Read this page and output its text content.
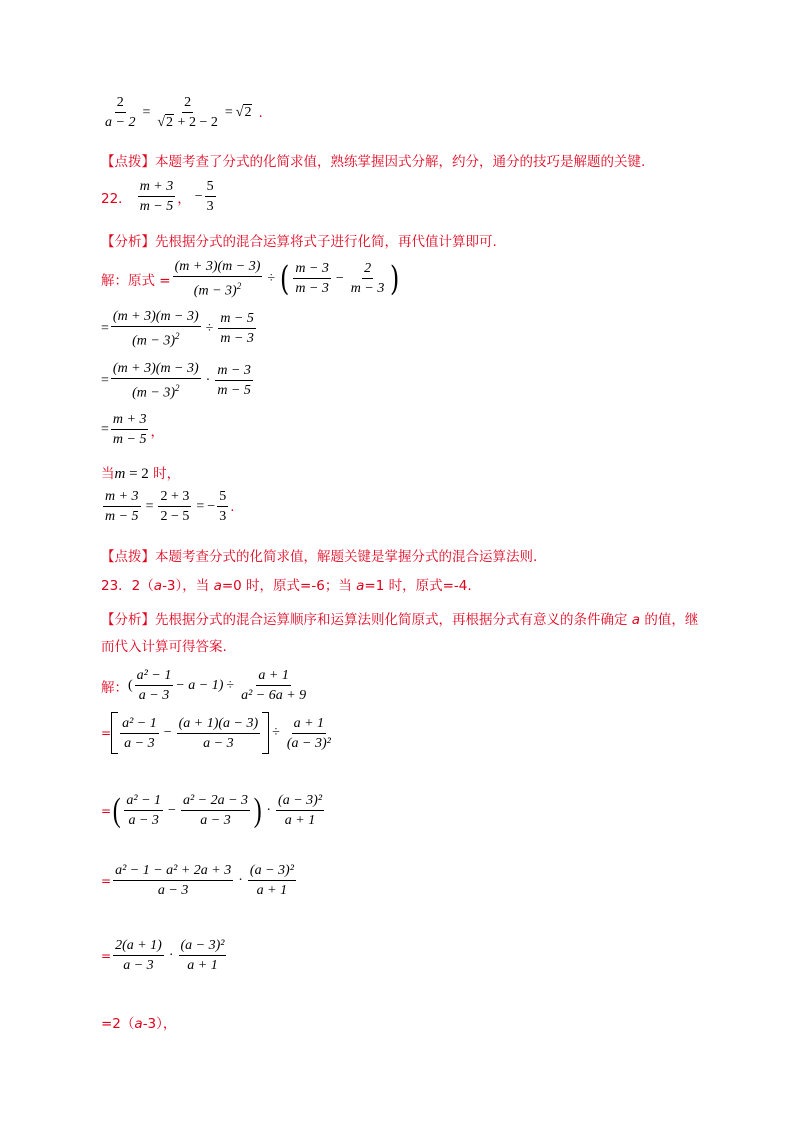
$\frac{2}{a - 2} = \frac{2}{√2 + 2 - 2}$ = √ 2 .
【点拨】本题考查了分式的化简求值，熟练掌握因式分解，约分，通分的技巧是解题的关键.
22． $\frac{m + 3}{m - 5}$ ， − $\frac{5}{3}$
【分析】先根据分式的混合运算将式子进行化简，再代值计算即可.
解：原式 = $\frac{(m + 3)(m - 3)}{(m - 3)^2}$ ÷ ( $\frac{m - 3}{m - 3} - \frac{2}{m - 3}$ )
= $\frac{(m + 3)(m - 3)}{(m - 3)^2} \div \frac{m - 5}{m - 3}$
= $\frac{(m + 3)(m - 3)}{(m - 3)^2} \cdot \frac{m - 3}{m - 5}$
= $\frac{m + 3}{m - 5}$ ，
当m = 2 时，
$\frac{m + 3}{m - 5} = \frac{2 + 3}{2 - 5}$ = − $\frac{5}{3}$ .
【点拨】本题考查分式的化简求值，解题关键是掌握分式的混合运算法则.
23．2（a-3），当 a=0 时，原式=-6；当 a=1 时，原式=-4.
【分析】先根据分式的混合运算顺序和运算法则化简原式，再根据分式有意义的条件确定 a 的值，继
而代入计算可得答案.
解： ( $\frac{\text{a² − 1}}{a - 3} - a - 1) \div \frac{a + 1}{\text{a² − 6a + 9}}$
= $\frac{\text{a² − 1}}{a - 3} - \frac{(a + 1)(a - 3)}{a - 3} \div \frac{a + 1}{\text{(a − 3)²}}$
= ( $\frac{\text{a² − 1}}{a - 3} - \frac{\text{a² − 2a − 3}}{a - 3}$ ) · $\frac{\text{(a − 3)²}}{a + 1}$
= $\frac{\text{a² − 1 − a² + 2a + 3}}{a - 3} \cdot \frac{\text{(a − 3)²}}{a + 1}$
= $\frac{2(a + 1)}{a - 3} \cdot \frac{\text{(a − 3)²}}{a + 1}$
=2（a-3），
